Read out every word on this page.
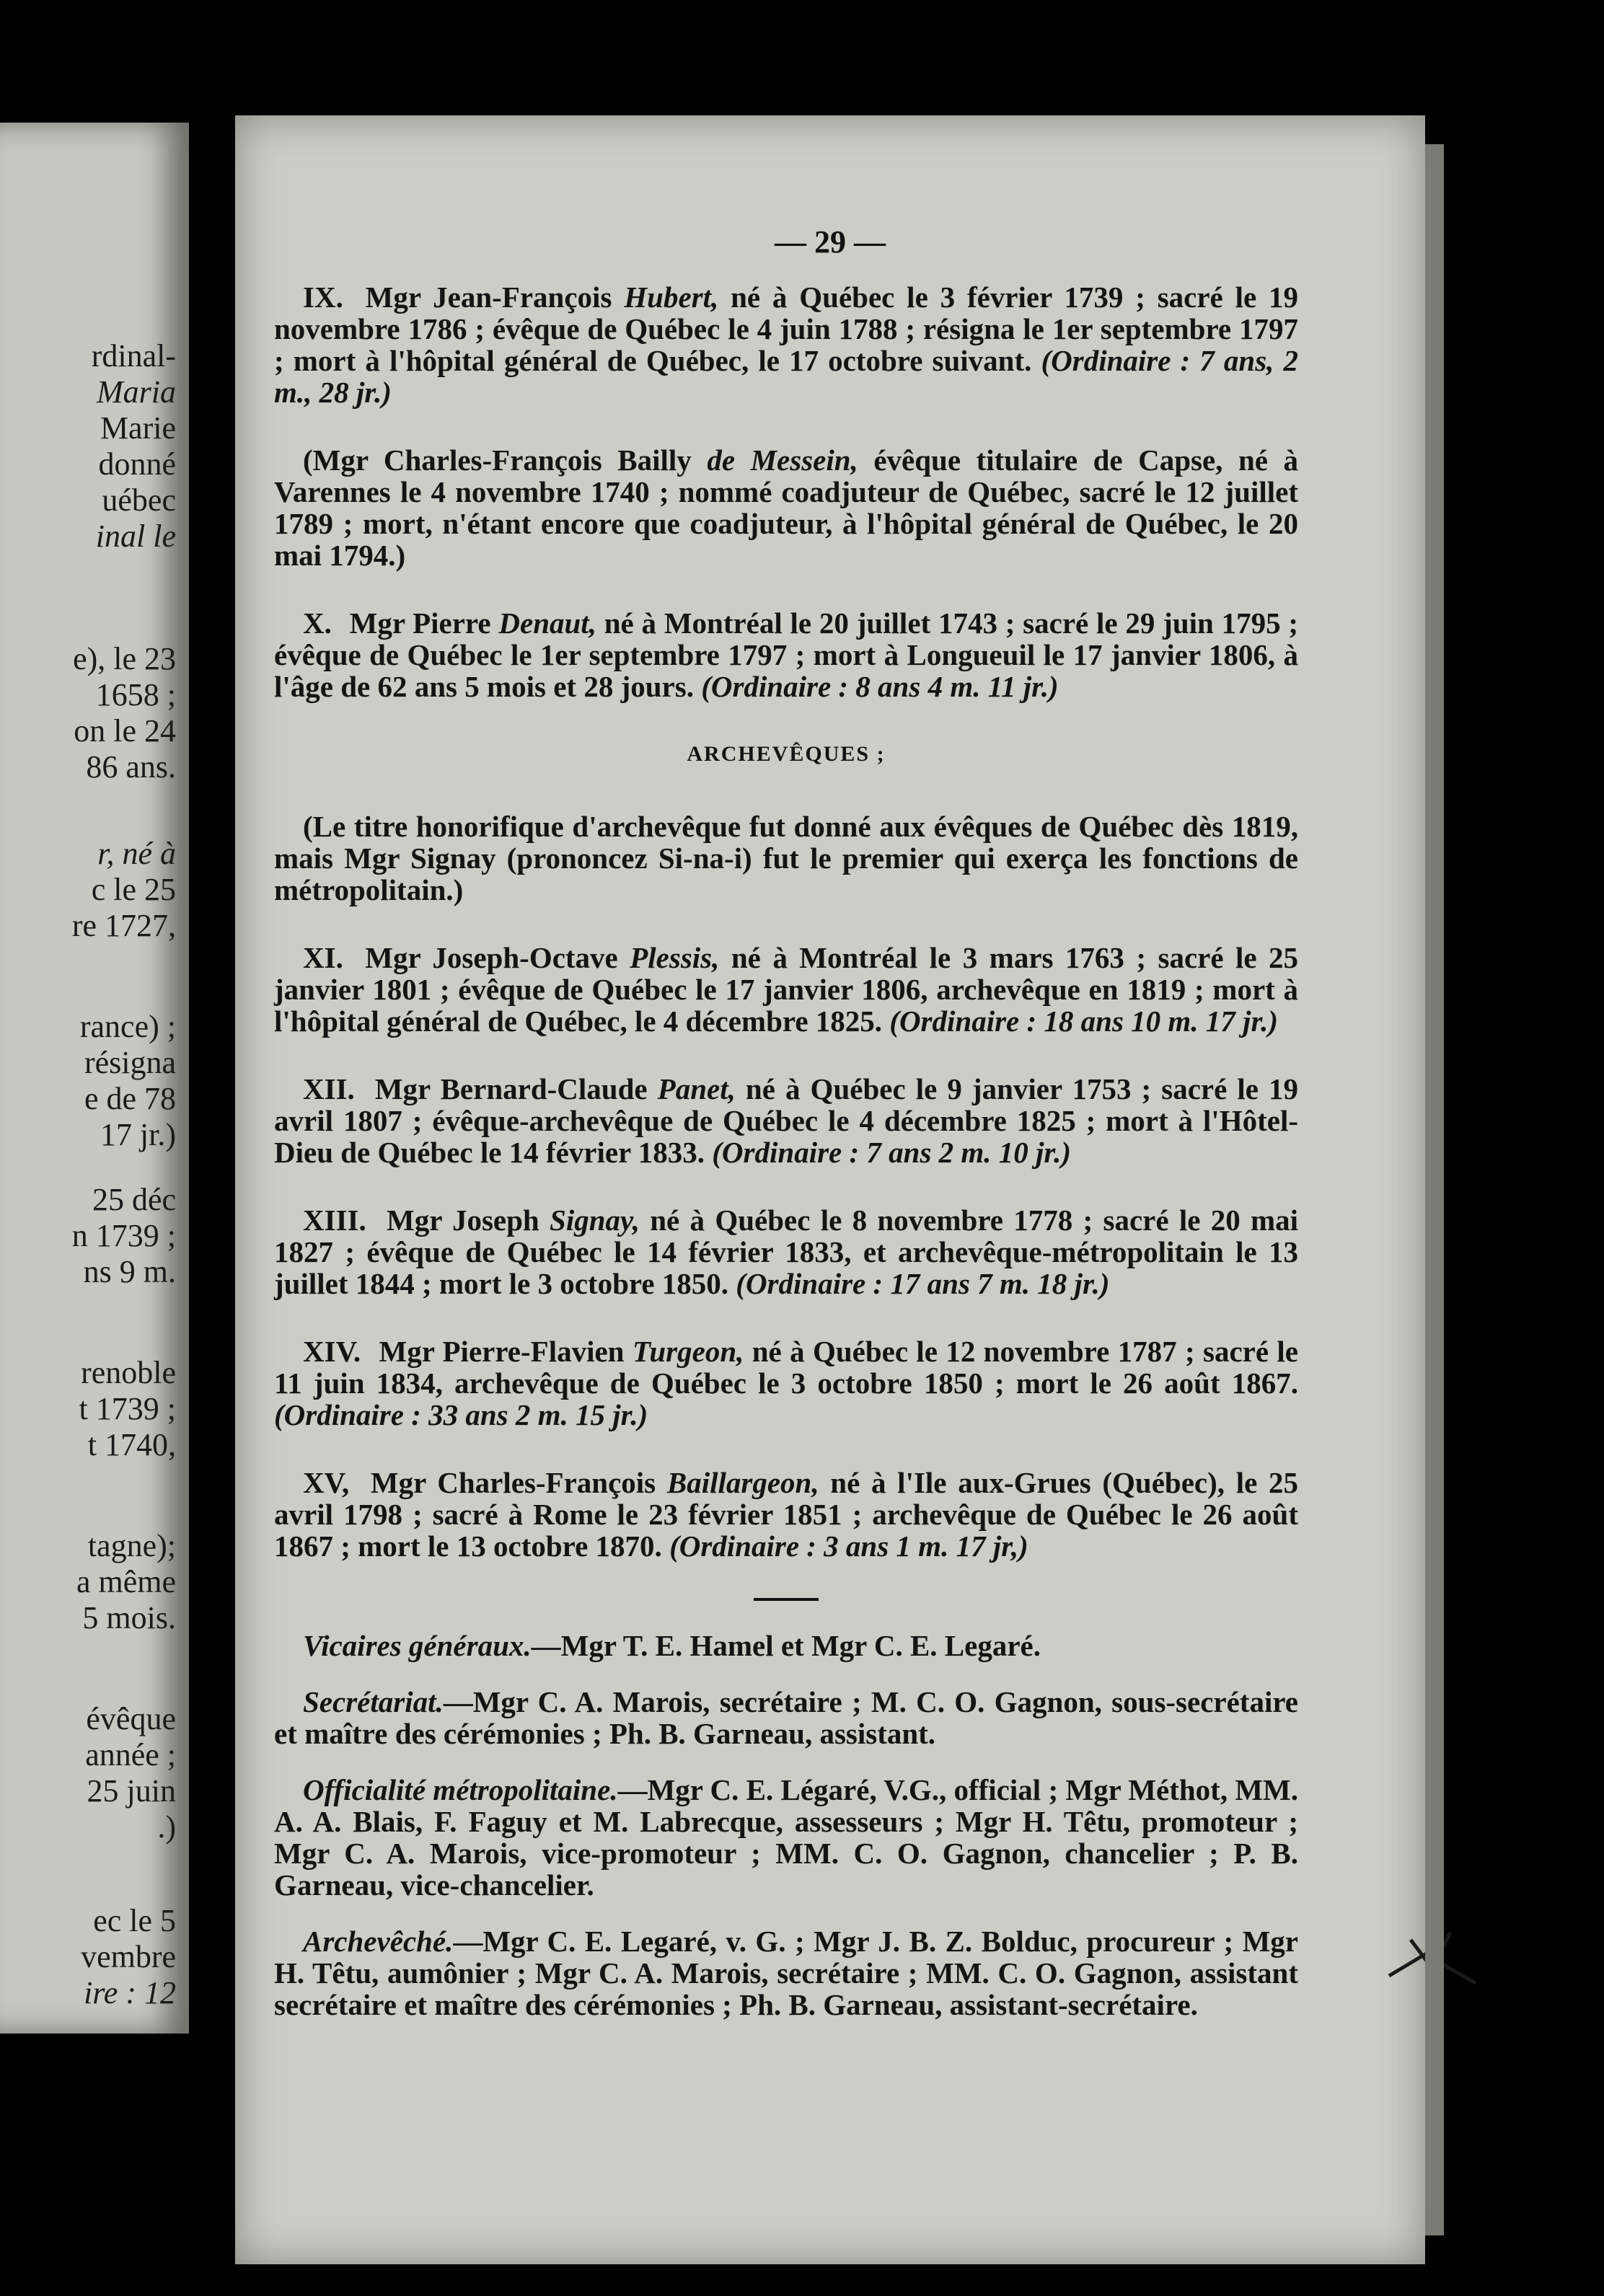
rdinal-
Maria
Marie
donné
uébec
inal le
e), le 23
1658 ;
on le 24
86 ans.
r, né à
c le 25
re 1727,
rance) ;
résigna
e de 78
17 jr.)
25 déc
n 1739 ;
ns 9 m.
renoble
t 1739 ;
t 1740,
tagne);
a même
5 mois.
évêque
année ;
25 juin
.)
ec le 5
vembre
ire : 12
— 29 —

IX. Mgr Jean-François Hubert, né à Québec le 3 février 1739 ; sacré le 19 novembre 1786 ; évêque de Québec le 4 juin 1788 ; résigna le 1er septembre 1797 ; mort à l'hôpital général de Québec, le 17 octobre suivant. (Ordinaire : 7 ans, 2 m., 28 jr.)

(Mgr Charles-François Bailly de Messein, évêque titulaire de Capse, né à Varennes le 4 novembre 1740 ; nommé coadjuteur de Québec, sacré le 12 juillet 1789 ; mort, n'étant encore que coadjuteur, à l'hôpital général de Québec, le 20 mai 1794.)

X. Mgr Pierre Denaut, né à Montréal le 20 juillet 1743 ; sacré le 29 juin 1795 ; évêque de Québec le 1er septembre 1797 ; mort à Longueuil le 17 janvier 1806, à l'âge de 62 ans 5 mois et 28 jours. (Ordinaire : 8 ans 4 m. 11 jr.)

ARCHEVÊQUES ;

(Le titre honorifique d'archevêque fut donné aux évêques de Québec dès 1819, mais Mgr Signay (prononcez Si-na-i) fut le premier qui exerça les fonctions de métropolitain.)

XI. Mgr Joseph-Octave Plessis, né à Montréal le 3 mars 1763 ; sacré le 25 janvier 1801 ; évêque de Québec le 17 janvier 1806, archevêque en 1819 ; mort à l'hôpital général de Québec, le 4 décembre 1825. (Ordinaire : 18 ans 10 m. 17 jr.)

XII. Mgr Bernard-Claude Panet, né à Québec le 9 janvier 1753 ; sacré le 19 avril 1807 ; évêque-archevêque de Québec le 4 décembre 1825 ; mort à l'Hôtel-Dieu de Québec le 14 février 1833. (Ordinaire : 7 ans 2 m. 10 jr.)

XIII. Mgr Joseph Signay, né à Québec le 8 novembre 1778 ; sacré le 20 mai 1827 ; évêque de Québec le 14 février 1833, et archevêque-métropolitain le 13 juillet 1844 ; mort le 3 octobre 1850. (Ordinaire : 17 ans 7 m. 18 jr.)

XIV. Mgr Pierre-Flavien Turgeon, né à Québec le 12 novembre 1787 ; sacré le 11 juin 1834, archevêque de Québec le 3 octobre 1850 ; mort le 26 août 1867. (Ordinaire : 33 ans 2 m. 15 jr.)

XV, Mgr Charles-François Baillargeon, né à l'Ile aux-Grues (Québec), le 25 avril 1798 ; sacré à Rome le 23 février 1851 ; archevêque de Québec le 26 août 1867 ; mort le 13 octobre 1870. (Ordinaire : 3 ans 1 m. 17 jr,)

Vicaires généraux.—Mgr T. E. Hamel et Mgr C. E. Legaré.

Secrétariat.—Mgr C. A. Marois, secrétaire ; M. C. O. Gagnon, sous-secrétaire et maître des cérémonies ; Ph. B. Garneau, assistant.

Officialité métropolitaine.—Mgr C. E. Légaré, V.G., official ; Mgr Méthot, MM. A. A. Blais, F. Faguy et M. Labrecque, assesseurs ; Mgr H. Têtu, promoteur ; Mgr C. A. Marois, vice-promoteur ; MM. C. O. Gagnon, chancelier ; P. B. Garneau, vice-chancelier.

Archevêché.—Mgr C. E. Legaré, v. G. ; Mgr J. B. Z. Bolduc, procureur ; Mgr H. Têtu, aumônier ; Mgr C. A. Marois, secrétaire ; MM. C. O. Gagnon, assistant secrétaire et maître des cérémonies ; Ph. B. Garneau, assistant-secrétaire.
